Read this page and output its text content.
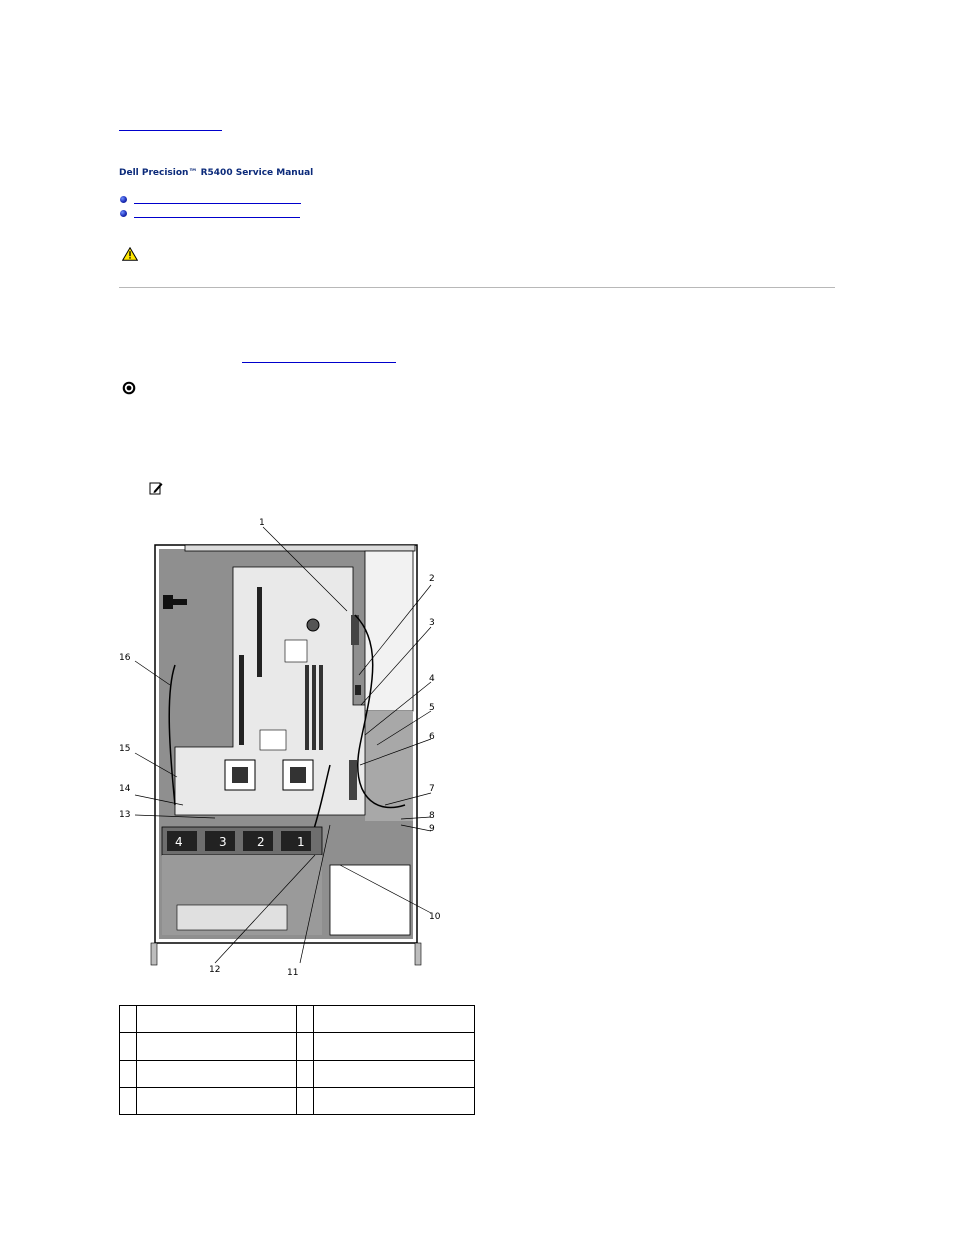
Dell Precision™ R5400 Service Manual
4	3	2	1
1
2
3
4
5
6
7
8
9
10
11
12
13
14
15
16
